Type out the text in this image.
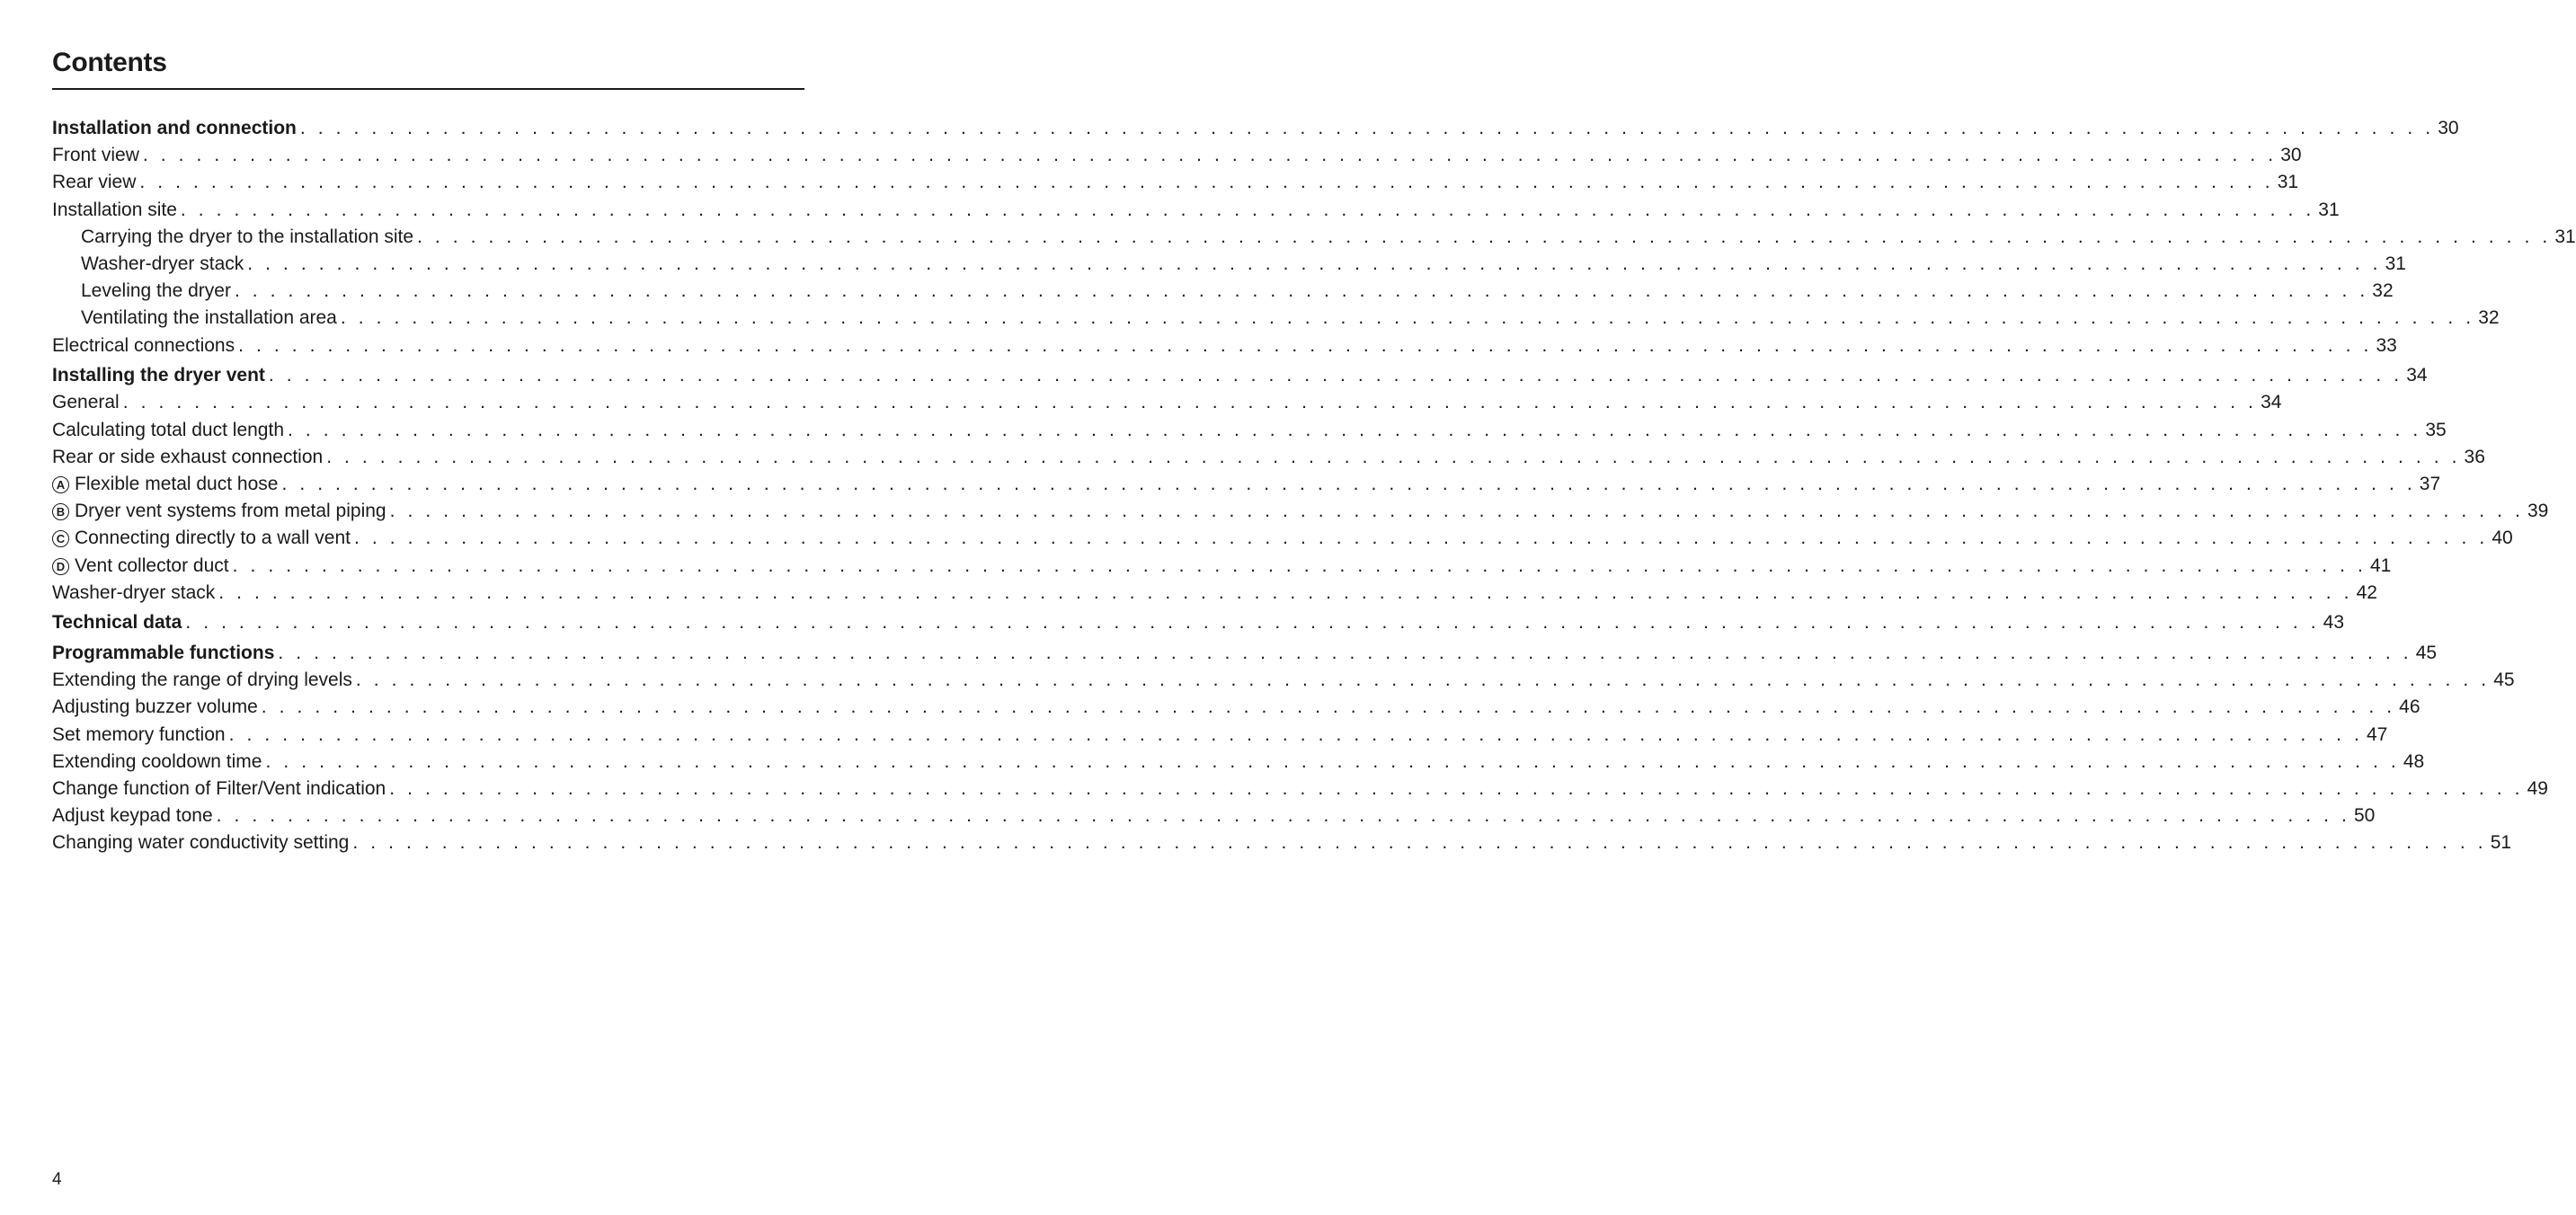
Contents
Installation and connection . . . . . . . . . . . . . . . . . . . . . . . . . . . . . . . . . . . . . . . . . . . . . . . . . . . . . . . . . . . . . . . . . . . . . . . . . . . . . . . . . . . . . . . . . . . . . . . . . . . . . . . . . . . . . . . . . . . . . . . . 30
Front view . . . . . . . . . . . . . . . . . . . . . . . . . . . . . . . . . . . . . . . . . . . . . . . . . . . . . . . . . . . . . . . . . . . . . . . . . . . . . . . . . . . . . . . . . . . . . . . . . . . . . . . . . . . . . . . . . . . . . . . . 30
Rear view . . . . . . . . . . . . . . . . . . . . . . . . . . . . . . . . . . . . . . . . . . . . . . . . . . . . . . . . . . . . . . . . . . . . . . . . . . . . . . . . . . . . . . . . . . . . . . . . . . . . . . . . . . . . . . . . . . . . . . . . 31
Installation site . . . . . . . . . . . . . . . . . . . . . . . . . . . . . . . . . . . . . . . . . . . . . . . . . . . . . . . . . . . . . . . . . . . . . . . . . . . . . . . . . . . . . . . . . . . . . . . . . . . . . . . . . . . . . . . . . . . . . . . . 31
Carrying the dryer to the installation site . . . . . . . . . . . . . . . . . . . . . . . . . . . . . . . . . . . . . . . . . . . . . . . . . . . . . . . . . . . . . . . . . . . . . . . . . . . . . . . . . . . . . . . . . . . . . . . . . . . . . . . . . . . . . . . . . . . . . . . . 31
Washer-dryer stack . . . . . . . . . . . . . . . . . . . . . . . . . . . . . . . . . . . . . . . . . . . . . . . . . . . . . . . . . . . . . . . . . . . . . . . . . . . . . . . . . . . . . . . . . . . . . . . . . . . . . . . . . . . . . . . . . . . . . . . . 31
Leveling the dryer . . . . . . . . . . . . . . . . . . . . . . . . . . . . . . . . . . . . . . . . . . . . . . . . . . . . . . . . . . . . . . . . . . . . . . . . . . . . . . . . . . . . . . . . . . . . . . . . . . . . . . . . . . . . . . . . . . . . . . . . 32
Ventilating the installation area . . . . . . . . . . . . . . . . . . . . . . . . . . . . . . . . . . . . . . . . . . . . . . . . . . . . . . . . . . . . . . . . . . . . . . . . . . . . . . . . . . . . . . . . . . . . . . . . . . . . . . . . . . . . . . . . . . . . . . . . 32
Electrical connections . . . . . . . . . . . . . . . . . . . . . . . . . . . . . . . . . . . . . . . . . . . . . . . . . . . . . . . . . . . . . . . . . . . . . . . . . . . . . . . . . . . . . . . . . . . . . . . . . . . . . . . . . . . . . . . . . . . . . . . . 33
Installing the dryer vent . . . . . . . . . . . . . . . . . . . . . . . . . . . . . . . . . . . . . . . . . . . . . . . . . . . . . . . . . . . . . . . . . . . . . . . . . . . . . . . . . . . . . . . . . . . . . . . . . . . . . . . . . . . . . . . . . . . . . . . . 34
General . . . . . . . . . . . . . . . . . . . . . . . . . . . . . . . . . . . . . . . . . . . . . . . . . . . . . . . . . . . . . . . . . . . . . . . . . . . . . . . . . . . . . . . . . . . . . . . . . . . . . . . . . . . . . . . . . . . . . . . . 34
Calculating total duct length . . . . . . . . . . . . . . . . . . . . . . . . . . . . . . . . . . . . . . . . . . . . . . . . . . . . . . . . . . . . . . . . . . . . . . . . . . . . . . . . . . . . . . . . . . . . . . . . . . . . . . . . . . . . . . . . . . . . . . . . 35
Rear or side exhaust connection . . . . . . . . . . . . . . . . . . . . . . . . . . . . . . . . . . . . . . . . . . . . . . . . . . . . . . . . . . . . . . . . . . . . . . . . . . . . . . . . . . . . . . . . . . . . . . . . . . . . . . . . . . . . . . . . . . . . . . . . 36
A Flexible metal duct hose . . . . . . . . . . . . . . . . . . . . . . . . . . . . . . . . . . . . . . . . . . . . . . . . . . . . . . . . . . . . . . . . . . . . . . . . . . . . . . . . . . . . . . . . . . . . . . . . . . . . . . . . . . . . . . . . . . . . . . . . 37
B Dryer vent systems from metal piping . . . . . . . . . . . . . . . . . . . . . . . . . . . . . . . . . . . . . . . . . . . . . . . . . . . . . . . . . . . . . . . . . . . . . . . . . . . . . . . . . . . . . . . . . . . . . . . . . . . . . . . . . . . . . . . . . . . . . . . . 39
C Connecting directly to a wall vent . . . . . . . . . . . . . . . . . . . . . . . . . . . . . . . . . . . . . . . . . . . . . . . . . . . . . . . . . . . . . . . . . . . . . . . . . . . . . . . . . . . . . . . . . . . . . . . . . . . . . . . . . . . . . . . . . . . . . . . . 40
D Vent collector duct . . . . . . . . . . . . . . . . . . . . . . . . . . . . . . . . . . . . . . . . . . . . . . . . . . . . . . . . . . . . . . . . . . . . . . . . . . . . . . . . . . . . . . . . . . . . . . . . . . . . . . . . . . . . . . . . . . . . . . . . 41
Washer-dryer stack . . . . . . . . . . . . . . . . . . . . . . . . . . . . . . . . . . . . . . . . . . . . . . . . . . . . . . . . . . . . . . . . . . . . . . . . . . . . . . . . . . . . . . . . . . . . . . . . . . . . . . . . . . . . . . . . . . . . . . . . 42
Technical data . . . . . . . . . . . . . . . . . . . . . . . . . . . . . . . . . . . . . . . . . . . . . . . . . . . . . . . . . . . . . . . . . . . . . . . . . . . . . . . . . . . . . . . . . . . . . . . . . . . . . . . . . . . . . . . . . . . . . . . . 43
Programmable functions . . . . . . . . . . . . . . . . . . . . . . . . . . . . . . . . . . . . . . . . . . . . . . . . . . . . . . . . . . . . . . . . . . . . . . . . . . . . . . . . . . . . . . . . . . . . . . . . . . . . . . . . . . . . . . . . . . . . . . . . 45
Extending the range of drying levels . . . . . . . . . . . . . . . . . . . . . . . . . . . . . . . . . . . . . . . . . . . . . . . . . . . . . . . . . . . . . . . . . . . . . . . . . . . . . . . . . . . . . . . . . . . . . . . . . . . . . . . . . . . . . . . . . . . . . . . . 45
Adjusting buzzer volume . . . . . . . . . . . . . . . . . . . . . . . . . . . . . . . . . . . . . . . . . . . . . . . . . . . . . . . . . . . . . . . . . . . . . . . . . . . . . . . . . . . . . . . . . . . . . . . . . . . . . . . . . . . . . . . . . . . . . . . . 46
Set memory function . . . . . . . . . . . . . . . . . . . . . . . . . . . . . . . . . . . . . . . . . . . . . . . . . . . . . . . . . . . . . . . . . . . . . . . . . . . . . . . . . . . . . . . . . . . . . . . . . . . . . . . . . . . . . . . . . . . . . . . . 47
Extending cooldown time . . . . . . . . . . . . . . . . . . . . . . . . . . . . . . . . . . . . . . . . . . . . . . . . . . . . . . . . . . . . . . . . . . . . . . . . . . . . . . . . . . . . . . . . . . . . . . . . . . . . . . . . . . . . . . . . . . . . . . . . 48
Change function of Filter/Vent indication . . . . . . . . . . . . . . . . . . . . . . . . . . . . . . . . . . . . . . . . . . . . . . . . . . . . . . . . . . . . . . . . . . . . . . . . . . . . . . . . . . . . . . . . . . . . . . . . . . . . . . . . . . . . . . . . . . . . . . . . 49
Adjust keypad tone . . . . . . . . . . . . . . . . . . . . . . . . . . . . . . . . . . . . . . . . . . . . . . . . . . . . . . . . . . . . . . . . . . . . . . . . . . . . . . . . . . . . . . . . . . . . . . . . . . . . . . . . . . . . . . . . . . . . . . . . 50
Changing water conductivity setting . . . . . . . . . . . . . . . . . . . . . . . . . . . . . . . . . . . . . . . . . . . . . . . . . . . . . . . . . . . . . . . . . . . . . . . . . . . . . . . . . . . . . . . . . . . . . . . . . . . . . . . . . . . . . . . . . . . . . . . . 51
4
